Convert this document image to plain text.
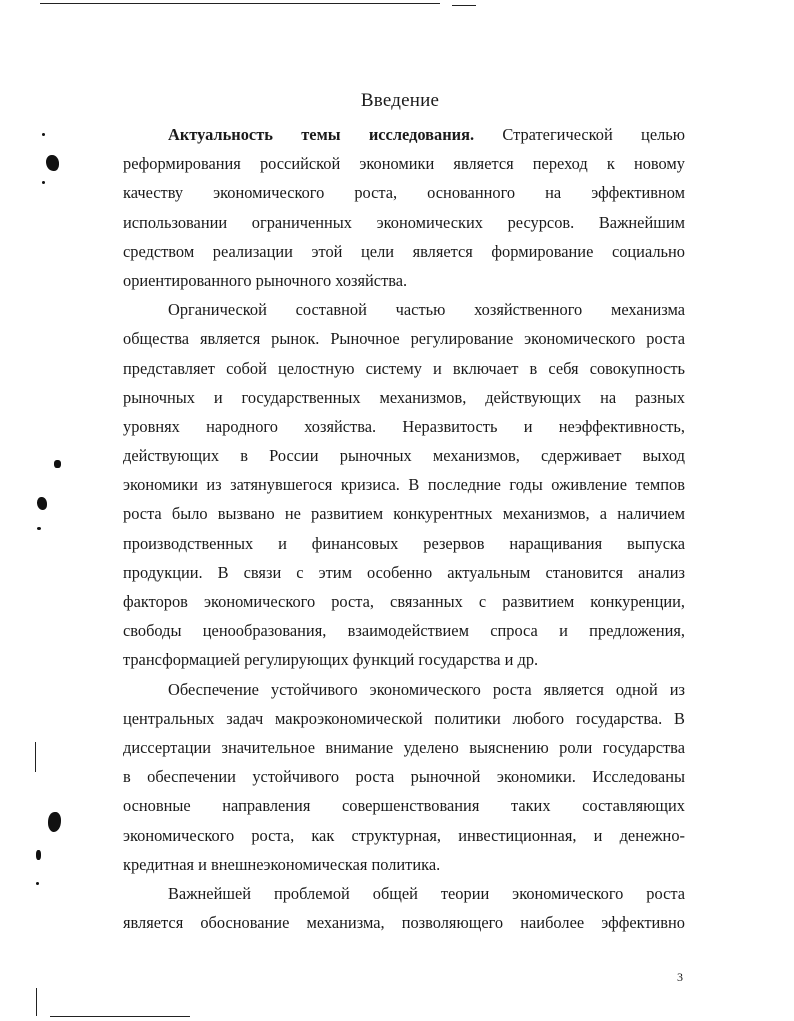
Введение
Актуальность темы исследования. Стратегической целью
реформирования российской экономики является переход к новому
качеству экономического роста, основанного на эффективном
использовании ограниченных экономических ресурсов. Важнейшим
средством реализации этой цели является формирование социально
ориентированного рыночного хозяйства.
Органической составной частью хозяйственного механизма
общества является рынок. Рыночное регулирование экономического роста
представляет собой целостную систему и включает в себя совокупность
рыночных и государственных механизмов, действующих на разных
уровнях народного хозяйства. Неразвитость и неэффективность,
действующих в России рыночных механизмов, сдерживает выход
экономики из затянувшегося кризиса. В последние годы оживление темпов
роста было вызвано не развитием конкурентных механизмов, а наличием
производственных и финансовых резервов наращивания выпуска
продукции. В связи с этим особенно актуальным становится анализ
факторов экономического роста, связанных с развитием конкуренции,
свободы ценообразования, взаимодействием спроса и предложения,
трансформацией регулирующих функций государства и др.
Обеспечение устойчивого экономического роста является одной из
центральных задач макроэкономической политики любого государства. В
диссертации значительное внимание уделено выяснению роли государства
в обеспечении устойчивого роста рыночной экономики. Исследованы
основные направления совершенствования таких составляющих
экономического роста, как структурная, инвестиционная, и денежно-
кредитная и внешнеэкономическая политика.
Важнейшей проблемой общей теории экономического роста
является обоснование механизма, позволяющего наиболее эффективно
3
